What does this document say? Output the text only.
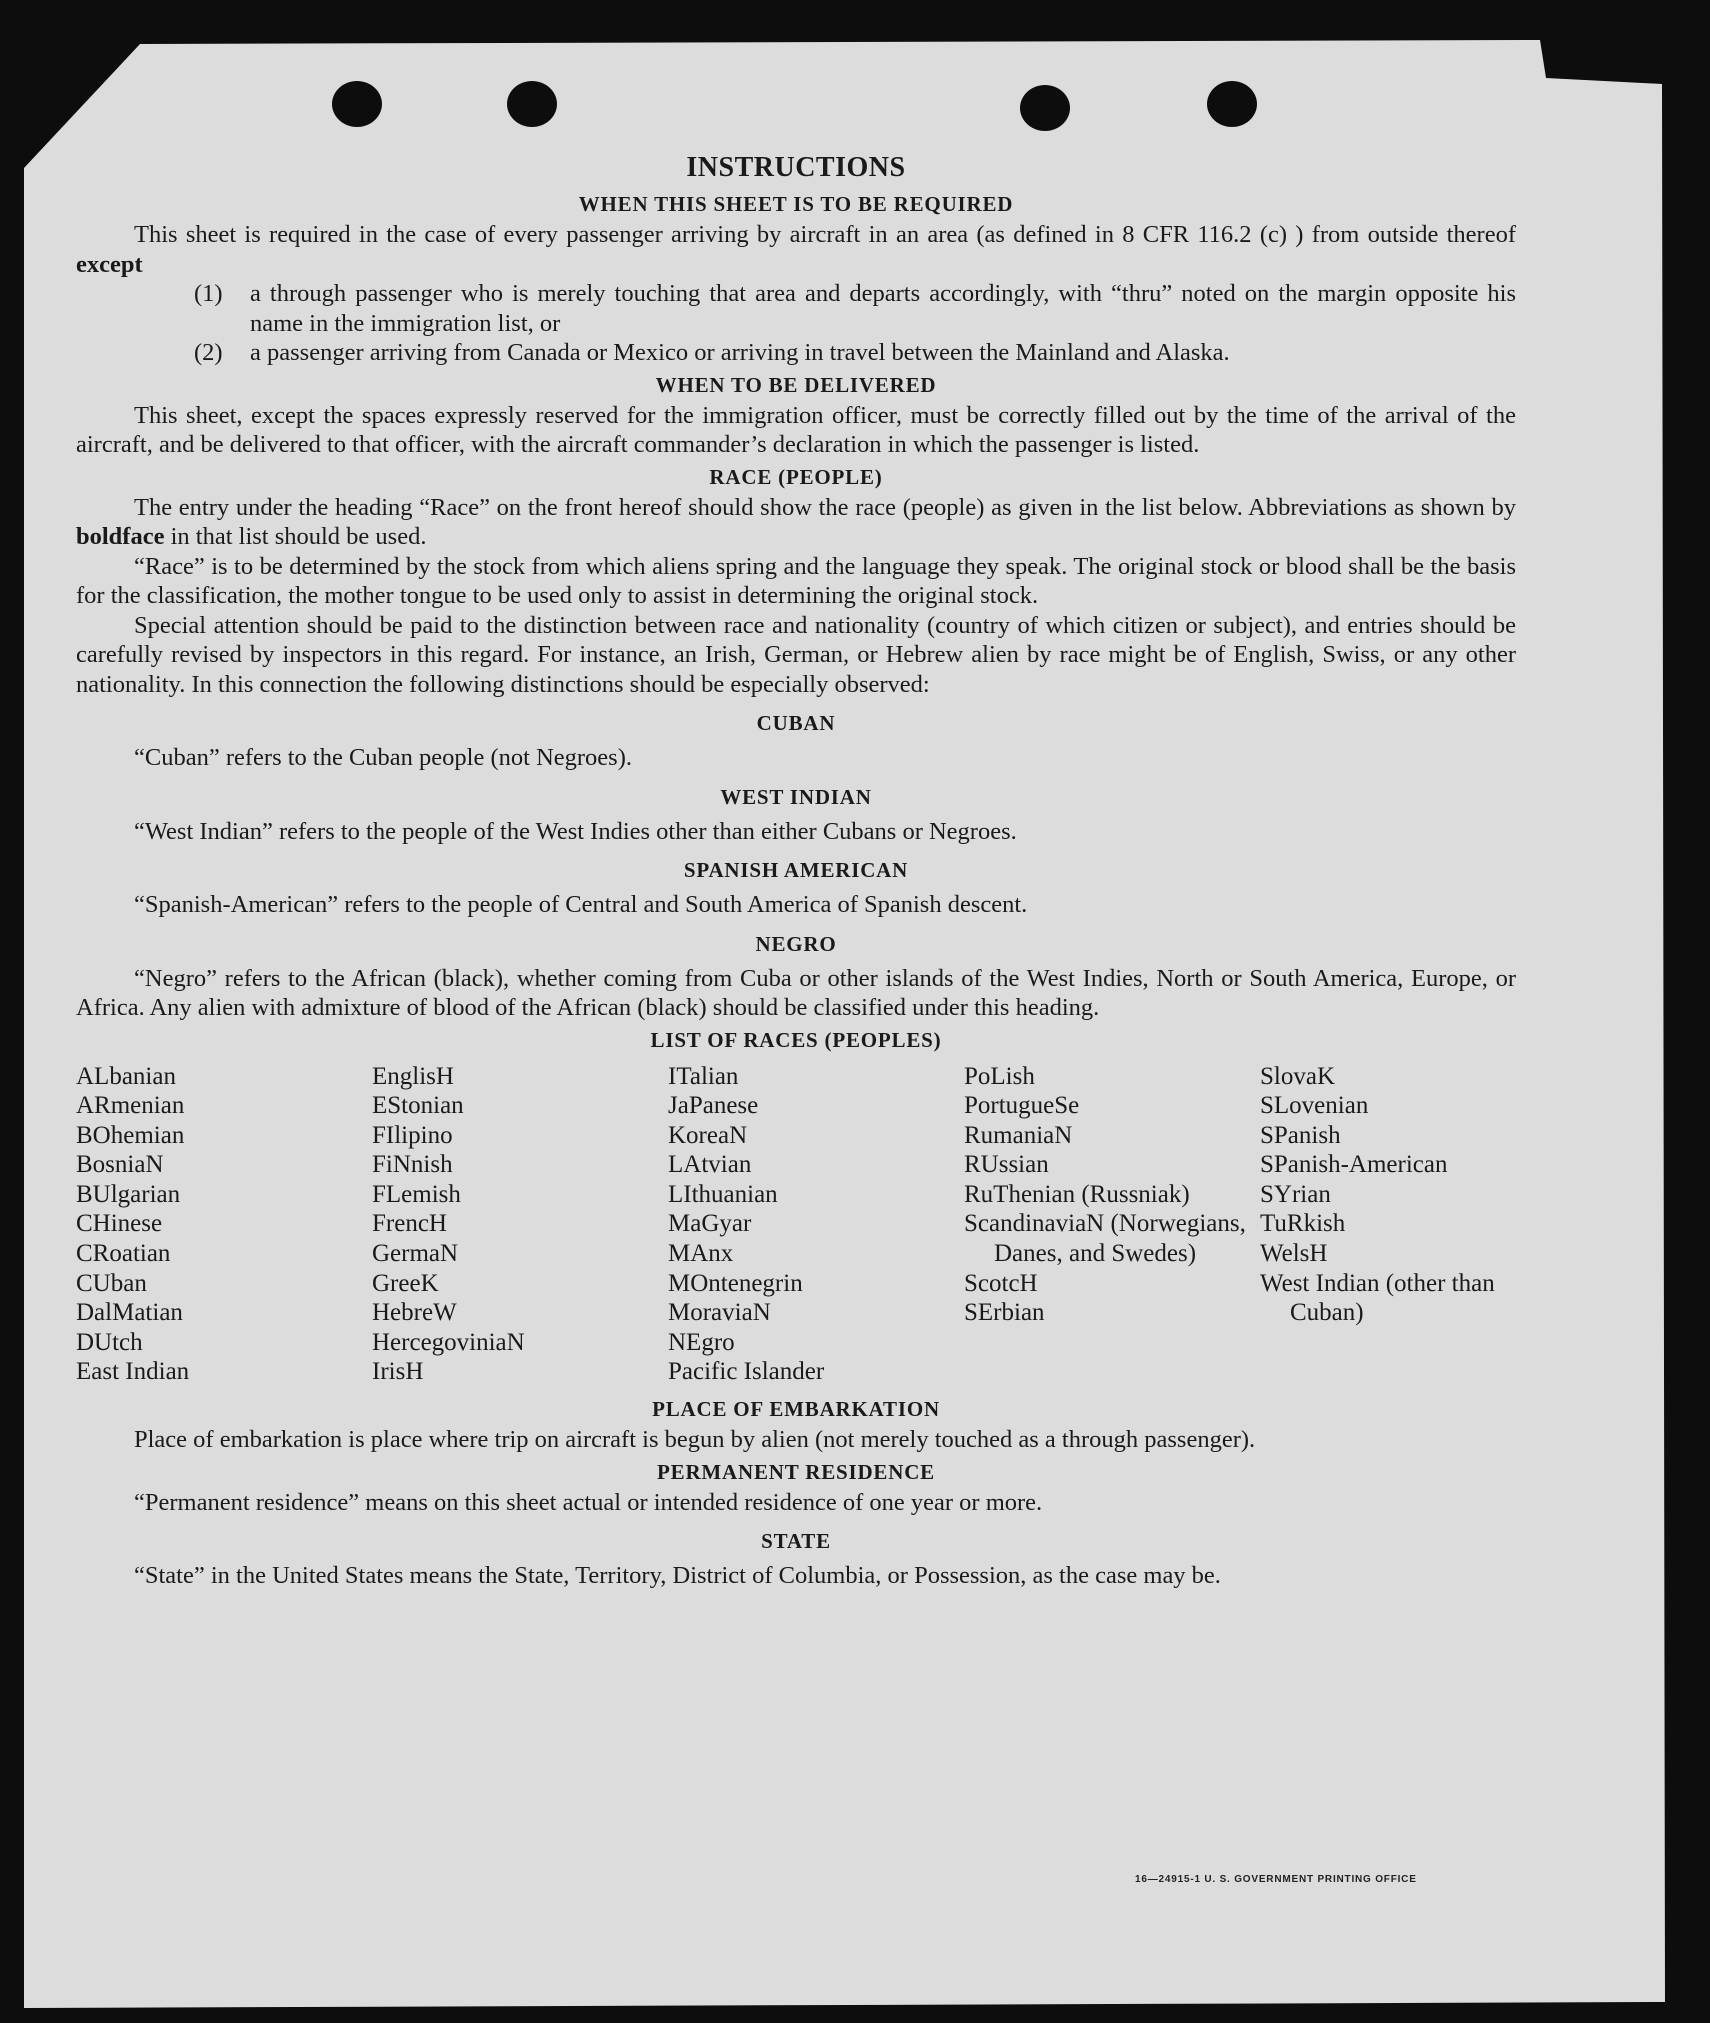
INSTRUCTIONS
WHEN THIS SHEET IS TO BE REQUIRED

This sheet is required in the case of every passenger arriving by aircraft in an area (as defined in 8 CFR 116.2 (c) ) from outside thereof except

(1)	a through passenger who is merely touching that area and departs accordingly, with “thru” noted on the margin opposite his name in the immigration list, or
(2)	a passenger arriving from Canada or Mexico or arriving in travel between the Mainland and Alaska.
WHEN TO BE DELIVERED

This sheet, except the spaces expressly reserved for the immigration officer, must be correctly filled out by the time of the arrival of the aircraft, and be delivered to that officer, with the aircraft commander’s declaration in which the passenger is listed.

RACE (PEOPLE)

The entry under the heading “Race” on the front hereof should show the race (people) as given in the list below. Abbreviations as shown by boldface in that list should be used.

“Race” is to be determined by the stock from which aliens spring and the language they speak. The original stock or blood shall be the basis for the classification, the mother tongue to be used only to assist in determining the original stock.

Special attention should be paid to the distinction between race and nationality (country of which citizen or subject), and entries should be carefully revised by inspectors in this regard. For instance, an Irish, German, or Hebrew alien by race might be of English, Swiss, or any other nationality. In this connection the following distinctions should be especially observed:

CUBAN

“Cuban” refers to the Cuban people (not Negroes).

WEST INDIAN

“West Indian” refers to the people of the West Indies other than either Cubans or Negroes.

SPANISH AMERICAN

“Spanish-American” refers to the people of Central and South America of Spanish descent.

NEGRO

“Negro” refers to the African (black), whether coming from Cuba or other islands of the West Indies, North or South America, Europe, or Africa. Any alien with admixture of blood of the African (black) should be classified under this heading.

LIST OF RACES (PEOPLES)
ALbanian
ARmenian
BOhemian
BosniaN
BUlgarian
CHinese
CRoatian
CUban
DalMatian
DUtch
East Indian
EnglisH
EStonian
FIlipino
FiNnish
FLemish
FrencH
GermaN
GreeK
HebreW
HercegoviniaN
IrisH
ITalian
JaPanese
KoreaN
LAtvian
LIthuanian
MaGyar
MAnx
MOntenegrin
MoraviaN
NEgro
Pacific Islander
PoLish
PortugueSe
RumaniaN
RUssian
RuThenian (Russniak)
ScandinaviaN (Norwegians, Danes, and Swedes)
ScotcH
SErbian
SlovaK
SLovenian
SPanish
SPanish-American
SYrian
TuRkish
WelsH
West Indian (other than Cuban)
PLACE OF EMBARKATION

Place of embarkation is place where trip on aircraft is begun by alien (not merely touched as a through passenger).

PERMANENT RESIDENCE

“Permanent residence” means on this sheet actual or intended residence of one year or more.

STATE

“State” in the United States means the State, Territory, District of Columbia, or Possession, as the case may be.

16—24915-1 U. S. GOVERNMENT PRINTING OFFICE
